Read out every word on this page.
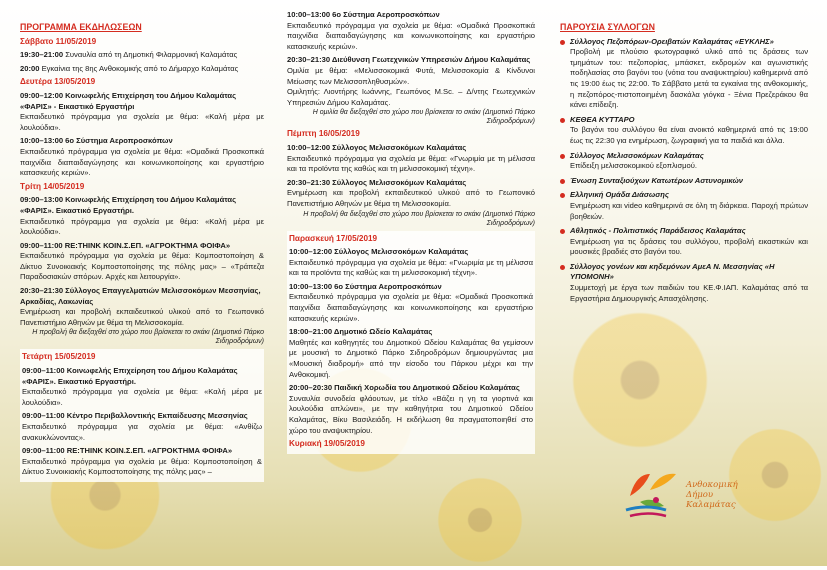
ΠΡΟΓΡΑΜΜΑ ΕΚΔΗΛΩΣΕΩΝ
Σάββατο 11/05/2019
19:30–21:00 Συναυλία από τη Δημοτική Φιλαρμονική Καλαμάτας
20:00 Εγκαίνια της 8ης Ανθοκομικής από το Δήμαρχο Καλαμάτας
Δευτέρα 13/05/2019
09:00–12:00 Κοινωφελής Επιχείρηση του Δήμου Καλαμάτας «ΦΑΡΙΣ» - Εικαστικό Εργαστήρι
Εκπαιδευτικό πρόγραμμα για σχολεία με θέμα: «Καλή μέρα με λουλούδια».
10:00–13:00 6ο Σύστημα Αεροπροσκόπων
Εκπαιδευτικό πρόγραμμα για σχολεία με θέμα: «Ομαδικά Προσκοπικά παιχνίδια διαπαιδαγώγησης και κοινωνικοποίησης και εργαστήριο κατασκευής κεριών».
Τρίτη 14/05/2019
09:00–13:00 Κοινωφελής Επιχείρηση του Δήμου Καλαμάτας «ΦΑΡΙΣ». Εικαστικό Εργαστήρι.
Εκπαιδευτικό πρόγραμμα για σχολεία με θέμα: «Καλή μέρα με λουλούδια».
09:00–11:00 RE:THINK ΚΟΙΝ.Σ.ΕΠ. «ΑΓΡΟΚΤΗΜΑ ΦΟΙΦΑ»
Εκπαιδευτικό πρόγραμμα για σχολεία με θέμα: Κομποστοποίηση & Δίκτυο Συνοικιακής Κομποστοποίησης της πόλης μας» – «Τράπεζα Παραδοσιακών σπόρων. Αρχές και λειτουργία».
20:30–21:30 Σύλλογος Επαγγελματιών Μελισσοκόμων Μεσσηνίας, Αρκαδίας, Λακωνίας
Ενημέρωση και προβολή εκπαιδευτικού υλικού από το Γεωπονικό Πανεπιστήμιο Αθηνών με θέμα τη Μελισσοκομία.
Η προβολή θα διεξαχθεί στο χώρο που βρίσκεται το σκάκι (Δημοτικό Πάρκο Σιδηροδρόμων)
Τετάρτη 15/05/2019
09:00–11:00 Κοινωφελής Επιχείρηση του Δήμου Καλαμάτας «ΦΑΡΙΣ». Εικαστικό Εργαστήρι.
Εκπαιδευτικό πρόγραμμα για σχολεία με θέμα: «Καλή μέρα με λουλούδια».
09:00–11:00 Κέντρο Περιβαλλοντικής Εκπαίδευσης Μεσσηνίας
Εκπαιδευτικό πρόγραμμα για σχολεία με θέμα: «Ανθίζω ανακυκλώνοντας».
09:00–11:00 RE:THINK ΚΟΙΝ.Σ.ΕΠ. «ΑΓΡΟΚΤΗΜΑ ΦΟΙΦΑ»
Εκπαιδευτικό πρόγραμμα για σχολεία με θέμα: Κομποστοποίηση & Δίκτυο Συνοικιακής Κομποστοποίησης της πόλης μας» –
10:00–13:00 6ο Σύστημα Αεροπροσκόπων
Εκπαιδευτικό πρόγραμμα για σχολεία με θέμα: «Ομαδικά Προσκοπικά παιχνίδια διαπαιδαγώγησης και κοινωνικοποίησης και εργαστήριο κατασκευής κεριών».
20:30–21:30 Διεύθυνση Γεωτεχνικών Υπηρεσιών Δήμου Καλαμάτας
Ομιλία με θέμα: «Μελισσοκομικά Φυτά, Μελισσοκομία & Κίνδυνοι Μείωσης των Μελισσοπληθυσμών».
Ομιλητής: Λιοντήρης Ιωάννης, Γεωπόνος M.Sc. – Δ/ντης Γεωτεχνικών Υπηρεσιών Δήμου Καλαμάτας.
Η ομιλία θα διεξαχθεί στο χώρο που βρίσκεται το σκάκι (Δημοτικό Πάρκο Σιδηροδρόμων)
Πέμπτη 16/05/2019
10:00–12:00 Σύλλογος Μελισσοκόμων Καλαμάτας
Εκπαιδευτικό πρόγραμμα για σχολεία με θέμα: «Γνωριμία με τη μέλισσα και τα προϊόντα της καθώς και τη μελισσοκομική τέχνη».
20:30–21:30 Σύλλογος Μελισσοκόμων Καλαμάτας
Ενημέρωση και προβολή εκπαιδευτικού υλικού από το Γεωπονικό Πανεπιστήμιο Αθηνών με θέμα τη Μελισσοκομία.
Η προβολή θα διεξαχθεί στο χώρο που βρίσκεται το σκάκι (Δημοτικό Πάρκο Σιδηροδρόμων)
Παρασκευή 17/05/2019
10:00–12:00 Σύλλογος Μελισσοκόμων Καλαμάτας
Εκπαιδευτικό πρόγραμμα για σχολεία με θέμα: «Γνωριμία με τη μέλισσα και τα προϊόντα της καθώς και τη μελισσοκομική τέχνη».
10:00–13:00 6ο Σύστημα Αεροπροσκόπων
Εκπαιδευτικό πρόγραμμα για σχολεία με θέμα: «Ομαδικά Προσκοπικά παιχνίδια διαπαιδαγώγησης και κοινωνικοποίησης και εργαστήριο κατασκευής κεριών».
18:00–21:00 Δημοτικό Ωδείο Καλαμάτας
Μαθητές και καθηγητές του Δημοτικού Ωδείου Καλαμάτας θα γεμίσουν με μουσική το Δημοτικό Πάρκο Σιδηροδρόμων δημιουργώντας μια «Μουσική διαδρομή» από την είσοδο του Πάρκου μέχρι και την Ανθοκομική.
20:00–20:30 Παιδική Χορωδία του Δημοτικού Ωδείου Καλαμάτας
Συναυλία συνοδεία φλάουτων, με τίτλο «Βάζει η γη τα γιορτινά και λουλούδια απλώνει», με την καθηγήτρια του Δημοτικού Ωδείου Καλαμάτας, Βίκυ Βασιλειάδη. Η εκδήλωση θα πραγματοποιηθεί στο χώρο του αναψυκτηρίου.
Κυριακή 19/05/2019
ΠΑΡΟΥΣΙΑ ΣΥΛΛΟΓΩΝ
Σύλλογος Πεζοπόρων-Ορειβατών Καλαμάτας «ΕΥΚΛΗΣ»
Προβολή με πλούσιο φωτογραφικό υλικό από τις δράσεις των τμημάτων του: πεζοπορίας, μπάσκετ, εκδρομών και αγωνιστικής ποδηλασίας στο βαγόνι του (νότια του αναψυκτηρίου) καθημερινά από τις 19:00 έως τις 22:00. Το Σάββατο μετά τα εγκαίνια της ανθοκομικής, η πεζοπόρος-πιστοποιημένη δασκάλα γιόγκα - Ξένια Πρεζεράκου θα κάνει επίδειξη.
ΚΕΘΕΑ ΚΥΤΤΑΡΟ
Το βαγόνι του συλλόγου θα είναι ανοικτό καθημερινά από τις 19:00 έως τις 22:30 για ενημέρωση, ζωγραφική για τα παιδιά και άλλα.
Σύλλογος Μελισσοκόμων Καλαμάτας
Επίδειξη μελισσοκομικού εξοπλισμού.
Ένωση Συνταξιούχων Κατωτέρων Αστυνομικών
Ελληνική Ομάδα Διάσωσης
Ενημέρωση και video καθημερινά σε όλη τη διάρκεια. Παροχή πρώτων βοηθειών.
Αθλητικός - Πολιτιστικός Παράδεισος Καλαμάτας
Ενημέρωση για τις δράσεις του συλλόγου, προβολή εικαστικών και μουσικές βραδιές στο βαγόνι του.
Σύλλογος γονέων και κηδεμόνων ΑμεΑ Ν. Μεσσηνίας «Η ΥΠΟΜΟΝΗ»
Συμμετοχή με έργα των παιδιών του ΚΕ.Φ.ΙΑΠ. Καλαμάτας από τα Εργαστήρια Δημιουργικής Απασχόλησης.
Ανθοκομική
Δήμου
Καλαμάτας
